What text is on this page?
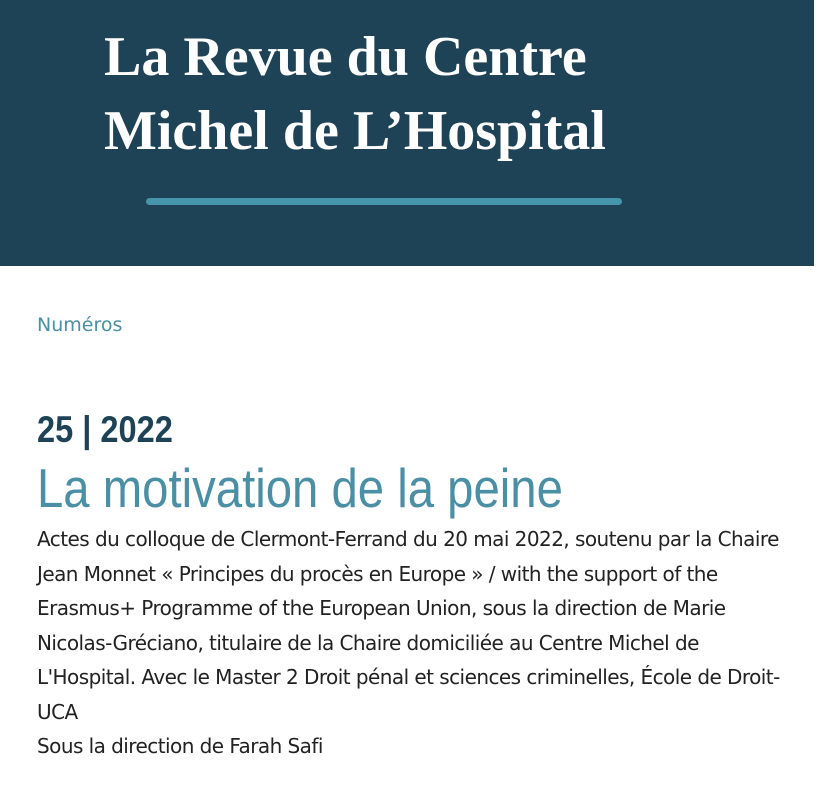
La Revue du Centre
Michel de L’Hospital
Numéros
25 | 2022
La motivation de la peine

Actes du colloque de Clermont-Ferrand du 20 mai 2022, soutenu par la Chaire Jean Monnet « Principes du procès en Europe » / with the support of the Erasmus+ Programme of the European Union, sous la direction de Marie Nicolas-Gréciano, titulaire de la Chaire domiciliée au Centre Michel de L'Hospital. Avec le Master 2 Droit pénal et sciences criminelles, École de Droit-UCA

Sous la direction de Farah Safi
